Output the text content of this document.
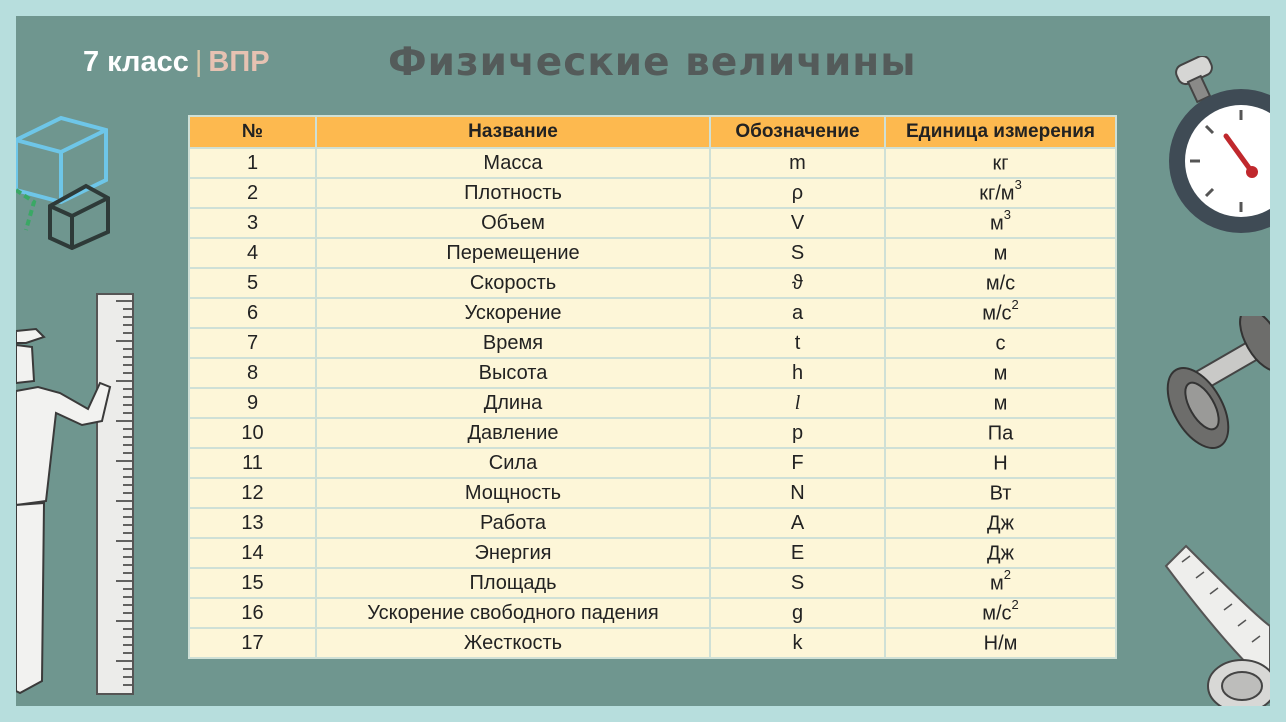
7 класс | ВПР	Физические величины
№	Название	Обозначение	Единица измерения
1	Масса	m	кг
2	Плотность	ρ	$кг/м^3$
3	Объем	V	$м^3$
4	Перемещение	S	м
5	Скорость	ϑ	м/с
6	Ускорение	a	$м/с^2$
7	Время	t	с
8	Высота	h	м
9	Длина	l	м
10	Давление	p	Па
11	Сила	F	Н
12	Мощность	N	Вт
13	Работа	A	Дж
14	Энергия	E	Дж
15	Площадь	S	$м^2$
16	Ускорение свободного падения	g	$м/с^2$
17	Жесткость	k	Н/м
